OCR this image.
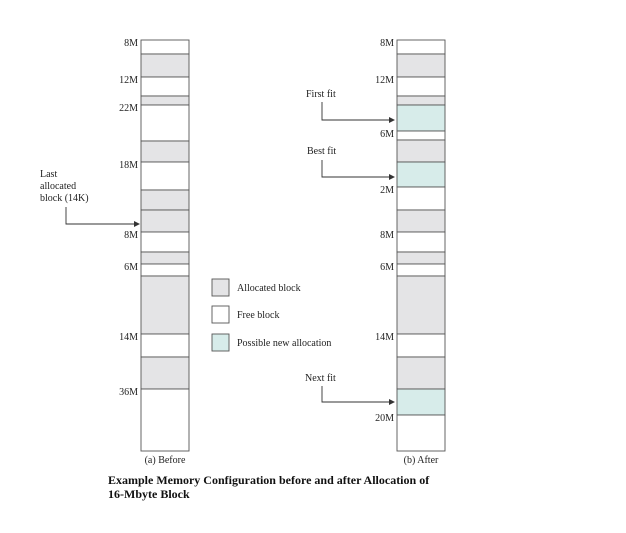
8M
12M
22M
18M
8M
6M
14M
36M
(a) Before
Last
allocated
block (14K)
8M
12M
6M
2M
8M
6M
14M
20M
(b) After
First fit
Best fit
Next fit
Allocated block
Free block
Possible new allocation
Example Memory Configuration before and after Allocation of
16-Mbyte Block
